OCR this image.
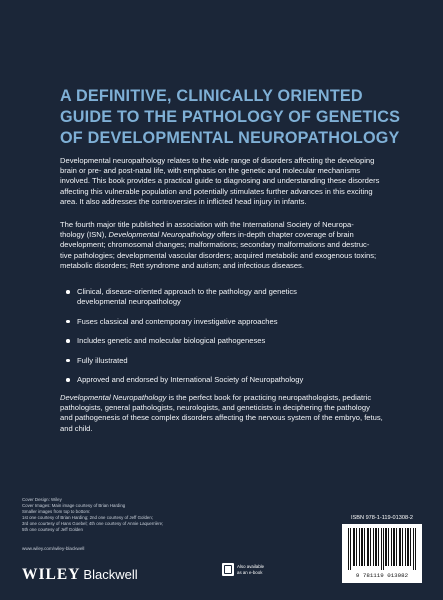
A DEFINITIVE, CLINICALLY ORIENTED
GUIDE TO THE PATHOLOGY OF GENETICS
OF DEVELOPMENTAL NEUROPATHOLOGY

Developmental neuropathology relates to the wide range of disorders affecting the developing
brain or pre- and post-natal life, with emphasis on the genetic and molecular mechanisms
involved. This book provides a practical guide to diagnosing and understanding these disorders
affecting this vulnerable population and potentially stimulates further advances in this exciting
area. It also addresses the controversies in inflicted head injury in infants.

The fourth major title published in association with the International Society of Neuropa-
thology (ISN), Developmental Neuropathology offers in-depth chapter coverage of brain
development; chromosomal changes; malformations; secondary malformations and destruc-
tive pathologies; developmental vascular disorders; acquired metabolic and exogenous toxins;
metabolic disorders; Rett syndrome and autism; and infectious diseases.

Clinical, disease-oriented approach to the pathology and genetics
developmental neuropathology
Fuses classical and contemporary investigative approaches
Includes genetic and molecular biological pathogeneses
Fully illustrated
Approved and endorsed by International Society of Neuropathology

Developmental Neuropathology is the perfect book for practicing neuropathologists, pediatric
pathologists, general pathologists, neurologists, and geneticists in deciphering the pathology
and pathogenesis of these complex disorders affecting the nervous system of the embryo, fetus,
and child.

Cover Design: Wiley
Cover Images: Main image courtesy of Brian Harding
Smaller images from top to bottom:
1st one courtesy of Brian Harding; 2nd one courtesy of Jeff Golden;
3rd one courtesy of Hans Goebel; 4th one courtesy of Annie Laquerrière;
5th one courtesy of Jeff Golden
www.wiley.com/wiley-blackwell
WILEY Blackwell
Also available
as an e-book
ISBN 978-1-119-01308-2
9 781119 013082
